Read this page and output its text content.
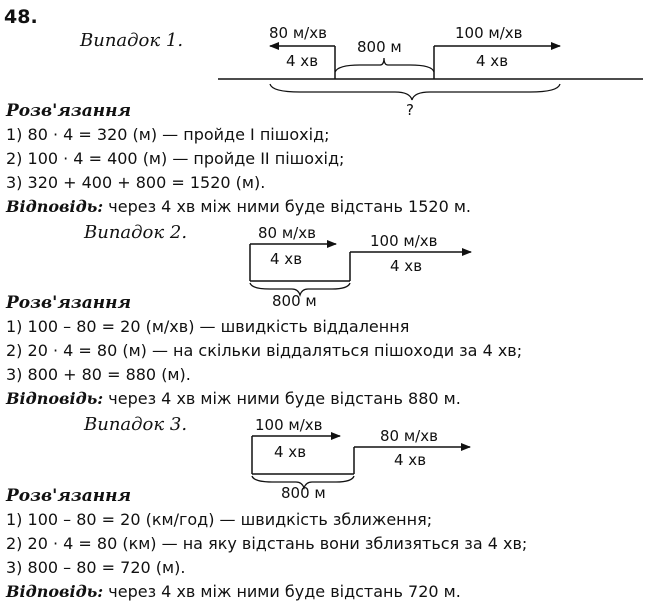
48.
Випадок 1.	80 м/хв
4 хв
800 м
100 м/хв
4 хв
?
Розв'язання
1) 80 · 4 = 320 (м) — пройде І пішохід;
2) 100 · 4 = 400 (м) — пройде ІІ пішохід;
3) 320 + 400 + 800 = 1520 (м).
Відповідь: через 4 хв між ними буде відстань 1520 м.
Випадок 2.	80 м/хв
4 хв
100 м/хв
4 хв
800 м
Розв'язання
1) 100 – 80 = 20 (м/хв) — швидкість віддалення
2) 20 · 4 = 80 (м) — на скільки віддаляться пішоходи за 4 хв;
3) 800 + 80 = 880 (м).
Відповідь: через 4 хв між ними буде відстань 880 м.
Випадок 3.	100 м/хв
4 хв
80 м/хв
4 хв
800 м
Розв'язання
1) 100 – 80 = 20 (км/год) — швидкість зближення;
2) 20 · 4 = 80 (км) — на яку відстань вони зблизяться за 4 хв;
3) 800 – 80 = 720 (м).
Відповідь: через 4 хв між ними буде відстань 720 м.
